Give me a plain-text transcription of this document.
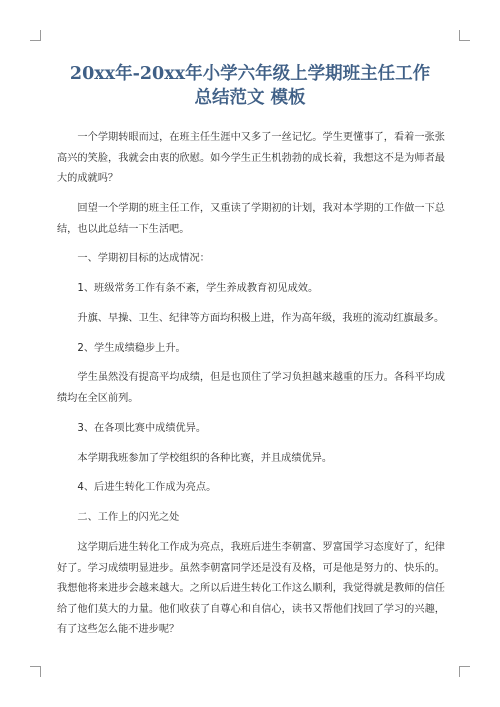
20xx年-20xx年小学六年级上学期班主任工作
总结范文 模板

一个学期转眼而过，在班主任生涯中又多了一丝记忆。学生更懂事了，看着一张张高兴的笑脸，我就会由衷的欣慰。如今学生正生机勃勃的成长着，我想这不是为师者最大的成就吗？

回望一个学期的班主任工作，又重读了学期初的计划，我对本学期的工作做一下总结，也以此总结一下生活吧。

一、学期初目标的达成情况：

1、班级常务工作有条不紊，学生养成教育初见成效。

升旗、早操、卫生、纪律等方面均积极上进，作为高年级，我班的流动红旗最多。

2、学生成绩稳步上升。

学生虽然没有提高平均成绩，但是也顶住了学习负担越来越重的压力。各科平均成绩均在全区前列。

3、在各项比赛中成绩优异。

本学期我班参加了学校组织的各种比赛，并且成绩优异。

4、后进生转化工作成为亮点。

二、工作上的闪光之处

这学期后进生转化工作成为亮点，我班后进生李朝富、罗富国学习态度好了，纪律好了。学习成绩明显进步。虽然李朝富同学还是没有及格，可是他是努力的、快乐的。我想他将来进步会越来越大。之所以后进生转化工作这么顺利，我觉得就是教师的信任给了他们莫大的力量。他们收获了自尊心和自信心，读书又帮他们找回了学习的兴趣，有了这些怎么能不进步呢？
